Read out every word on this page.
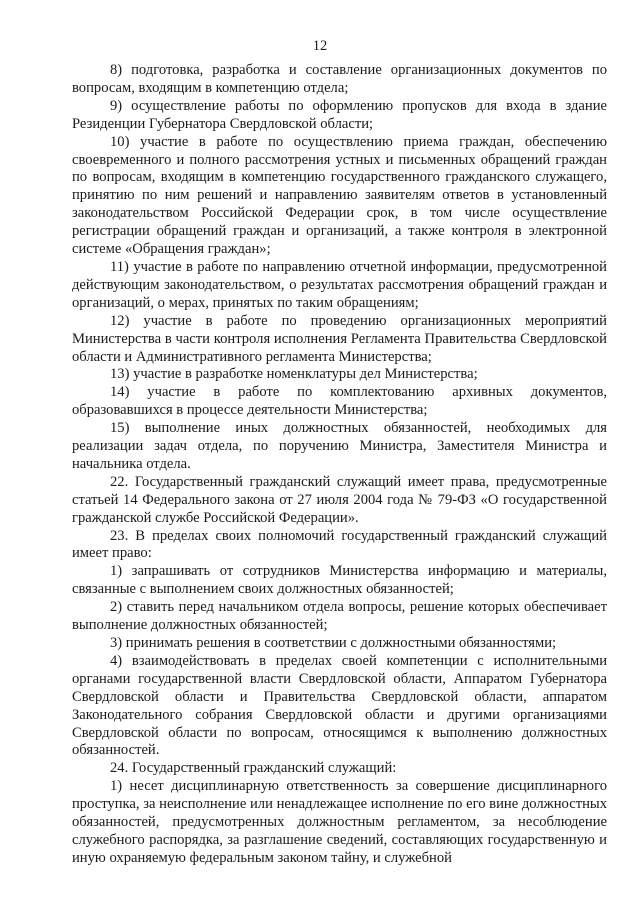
12

8) подготовка, разработка и составление организационных документов по вопросам, входящим в компетенцию отдела;

9) осуществление работы по оформлению пропусков для входа в здание Резиденции Губернатора Свердловской области;

10) участие в работе по осуществлению приема граждан, обеспечению своевременного и полного рассмотрения устных и письменных обращений граждан по вопросам, входящим в компетенцию государственного гражданского служащего, принятию по ним решений и направлению заявителям ответов в установленный законодательством Российской Федерации срок, в том числе осуществление регистрации обращений граждан и организаций, а также контроля в электронной системе «Обращения граждан»;

11) участие в работе по направлению отчетной информации, предусмотренной действующим законодательством, о результатах рассмотрения обращений граждан и организаций, о мерах, принятых по таким обращениям;

12) участие в работе по проведению организационных мероприятий Министерства в части контроля исполнения Регламента Правительства Свердловской области и Административного регламента Министерства;

13) участие в разработке номенклатуры дел Министерства;

14) участие в работе по комплектованию архивных документов, образовавшихся в процессе деятельности Министерства;

15) выполнение иных должностных обязанностей, необходимых для реализации задач отдела, по поручению Министра, Заместителя Министра и начальника отдела.

22. Государственный гражданский служащий имеет права, предусмотренные статьей 14 Федерального закона от 27 июля 2004 года № 79-ФЗ «О государственной гражданской службе Российской Федерации».

23. В пределах своих полномочий государственный гражданский служащий имеет право:

1) запрашивать от сотрудников Министерства информацию и материалы, связанные с выполнением своих должностных обязанностей;

2) ставить перед начальником отдела вопросы, решение которых обеспечивает выполнение должностных обязанностей;

3) принимать решения в соответствии с должностными обязанностями;

4) взаимодействовать в пределах своей компетенции с исполнительными органами государственной власти Свердловской области, Аппаратом Губернатора Свердловской области и Правительства Свердловской области, аппаратом Законодательного собрания Свердловской области и другими организациями Свердловской области по вопросам, относящимся к выполнению должностных обязанностей.

24. Государственный гражданский служащий:

1) несет дисциплинарную ответственность за совершение дисциплинарного проступка, за неисполнение или ненадлежащее исполнение по его вине должностных обязанностей, предусмотренных должностным регламентом, за несоблюдение служебного распорядка, за разглашение сведений, составляющих государственную и иную охраняемую федеральным законом тайну, и служебной
